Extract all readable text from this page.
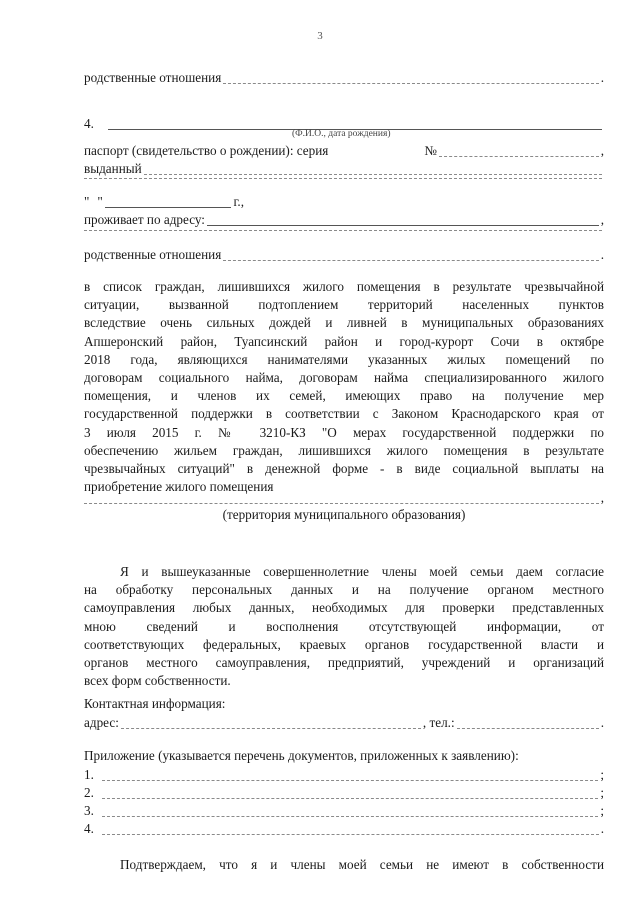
3
родственные отношения	.
4.
(Ф.И.О., дата рождения)
паспорт (свидетельство о рождении): серия	№	,
выданный
" "	г.,
проживает по адресу:	,
родственные отношения	.
в список граждан, лишившихся жилого помещения в результате чрезвычайной
ситуации, вызванной подтоплением территорий населенных пунктов
вследствие очень сильных дождей и ливней в муниципальных образованиях
Апшеронский район, Туапсинский район и город-курорт Сочи в октябре
2018 года, являющихся нанимателями указанных жилых помещений по
договорам социального найма, договорам найма специализированного жилого
помещения, и членов их семей, имеющих право на получение мер
государственной поддержки в соответствии с Законом Краснодарского края от
3 июля 2015 г. № 3210-КЗ "О мерах государственной поддержки по
обеспечению жильем граждан, лишившихся жилого помещения в результате
чрезвычайных ситуаций" в денежной форме - в виде социальной выплаты на
приобретение жилого помещения
,
(территория муниципального образования)
Я и вышеуказанные совершеннолетние члены моей семьи даем согласие
на обработку персональных данных и на получение органом местного
самоуправления любых данных, необходимых для проверки представленных
мною сведений и восполнения отсутствующей информации, от
соответствующих федеральных, краевых органов государственной власти и
органов местного самоуправления, предприятий, учреждений и организаций
всех форм собственности.
Контактная информация:
адрес:	, тел.:	.
Приложение (указывается перечень документов, приложенных к заявлению):
1.	;
2.	;
3.	;
4.	.
Подтверждаем, что я и члены моей семьи не имеют в собственности
